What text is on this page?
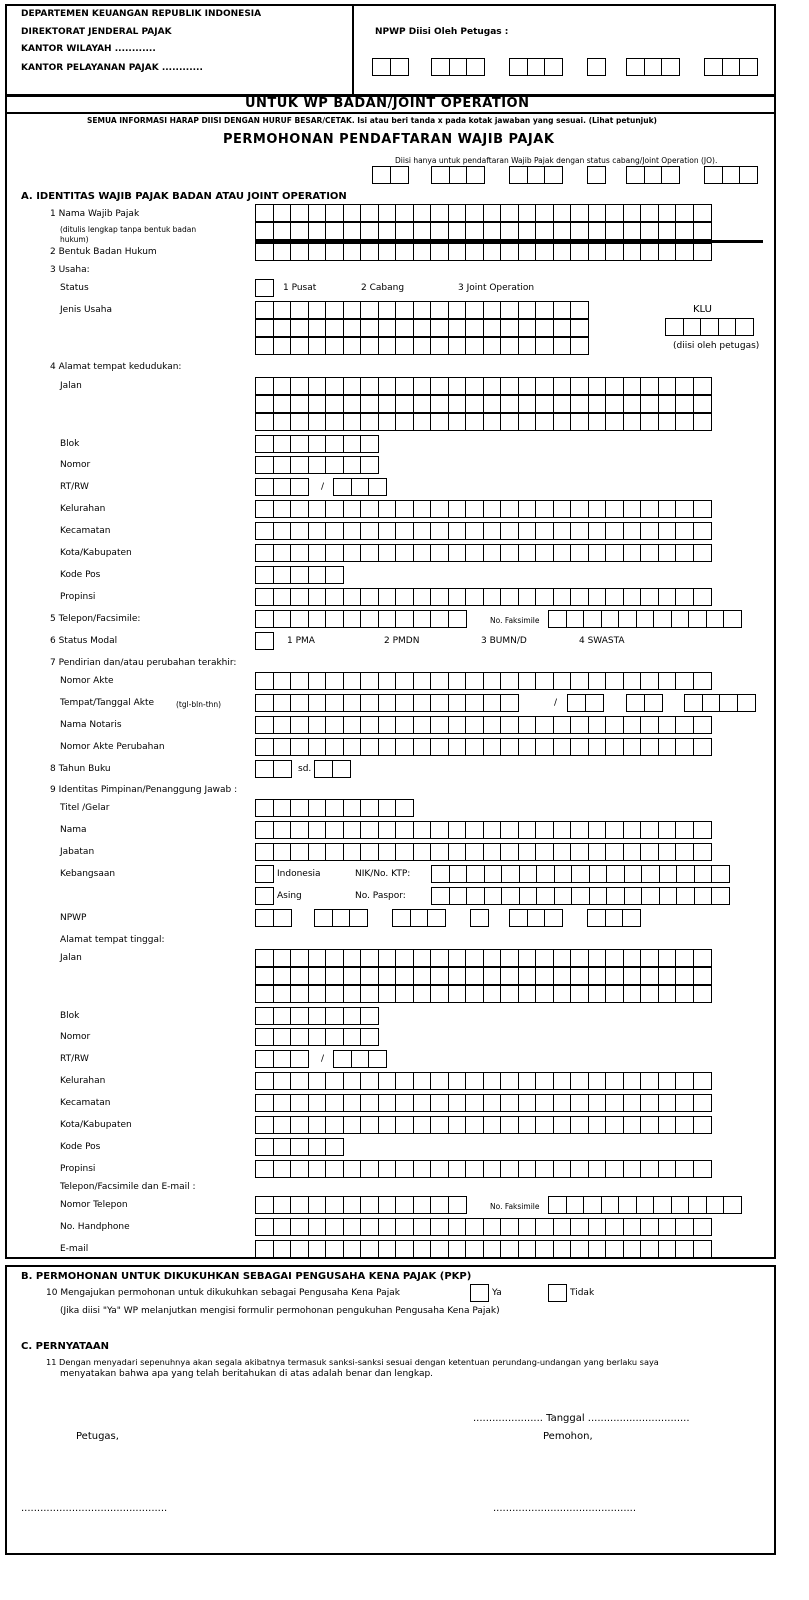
DEPARTEMEN KEUANGAN REPUBLIK INDONESIA
DIREKTORAT JENDERAL PAJAK
KANTOR WILAYAH ............
KANTOR PELAYANAN PAJAK ............
NPWP Diisi Oleh Petugas :
UNTUK WP BADAN/JOINT OPERATION
SEMUA INFORMASI HARAP DIISI DENGAN HURUF BESAR/CETAK. Isi atau beri tanda x pada kotak jawaban yang sesuai. (Lihat petunjuk)
PERMOHONAN PENDAFTARAN WAJIB PAJAK
Diisi hanya untuk pendaftaran Wajib Pajak dengan status cabang/Joint Operation (JO).
A. IDENTITAS WAJIB PAJAK BADAN ATAU JOINT OPERATION
1 Nama Wajib Pajak
(ditulis lengkap tanpa bentuk badan
hukum)
2 Bentuk Badan Hukum
3 Usaha:
Status	1 Pusat	2 Cabang	3 Joint Operation
Jenis Usaha	KLU
(diisi oleh petugas)
4 Alamat tempat kedudukan:
Jalan
Blok
Nomor
RT/RW	/
Kelurahan
Kecamatan
Kota/Kabupaten
Kode Pos
Propinsi
5 Telepon/Facsimile:	No. Faksimile
6 Status Modal	1 PMA	2 PMDN	3 BUMN/D	4 SWASTA
7 Pendirian dan/atau perubahan terakhir:
Nomor Akte
Tempat/Tanggal Akte	(tgl-bln-thn)	/
Nama Notaris
Nomor Akte Perubahan
8 Tahun Buku	sd.
9 Identitas Pimpinan/Penanggung Jawab :
Titel /Gelar
Nama
Jabatan
Kebangsaan	Indonesia	NIK/No. KTP:
Asing	No. Paspor:
NPWP
Alamat tempat tinggal:
Jalan
Blok
Nomor
RT/RW	/
Kelurahan
Kecamatan
Kota/Kabupaten
Kode Pos
Propinsi
Telepon/Facsimile dan E-mail :
Nomor Telepon	No. Faksimile
No. Handphone
E-mail
B. PERMOHONAN UNTUK DIKUKUHKAN SEBAGAI PENGUSAHA KENA PAJAK (PKP)
10 Mengajukan permohonan untuk dikukuhkan sebagai Pengusaha Kena Pajak	Ya	Tidak
(Jika diisi "Ya" WP melanjutkan mengisi formulir permohonan pengukuhan Pengusaha Kena Pajak)
C. PERNYATAAN
11 Dengan menyadari sepenuhnya akan segala akibatnya termasuk sanksi-sanksi sesuai dengan ketentuan perundang-undangan yang berlaku saya
menyatakan bahwa apa yang telah beritahukan di atas adalah benar dan lengkap.
...................... Tanggal ................................
Petugas,	Pemohon,
..............................................	.............................................
